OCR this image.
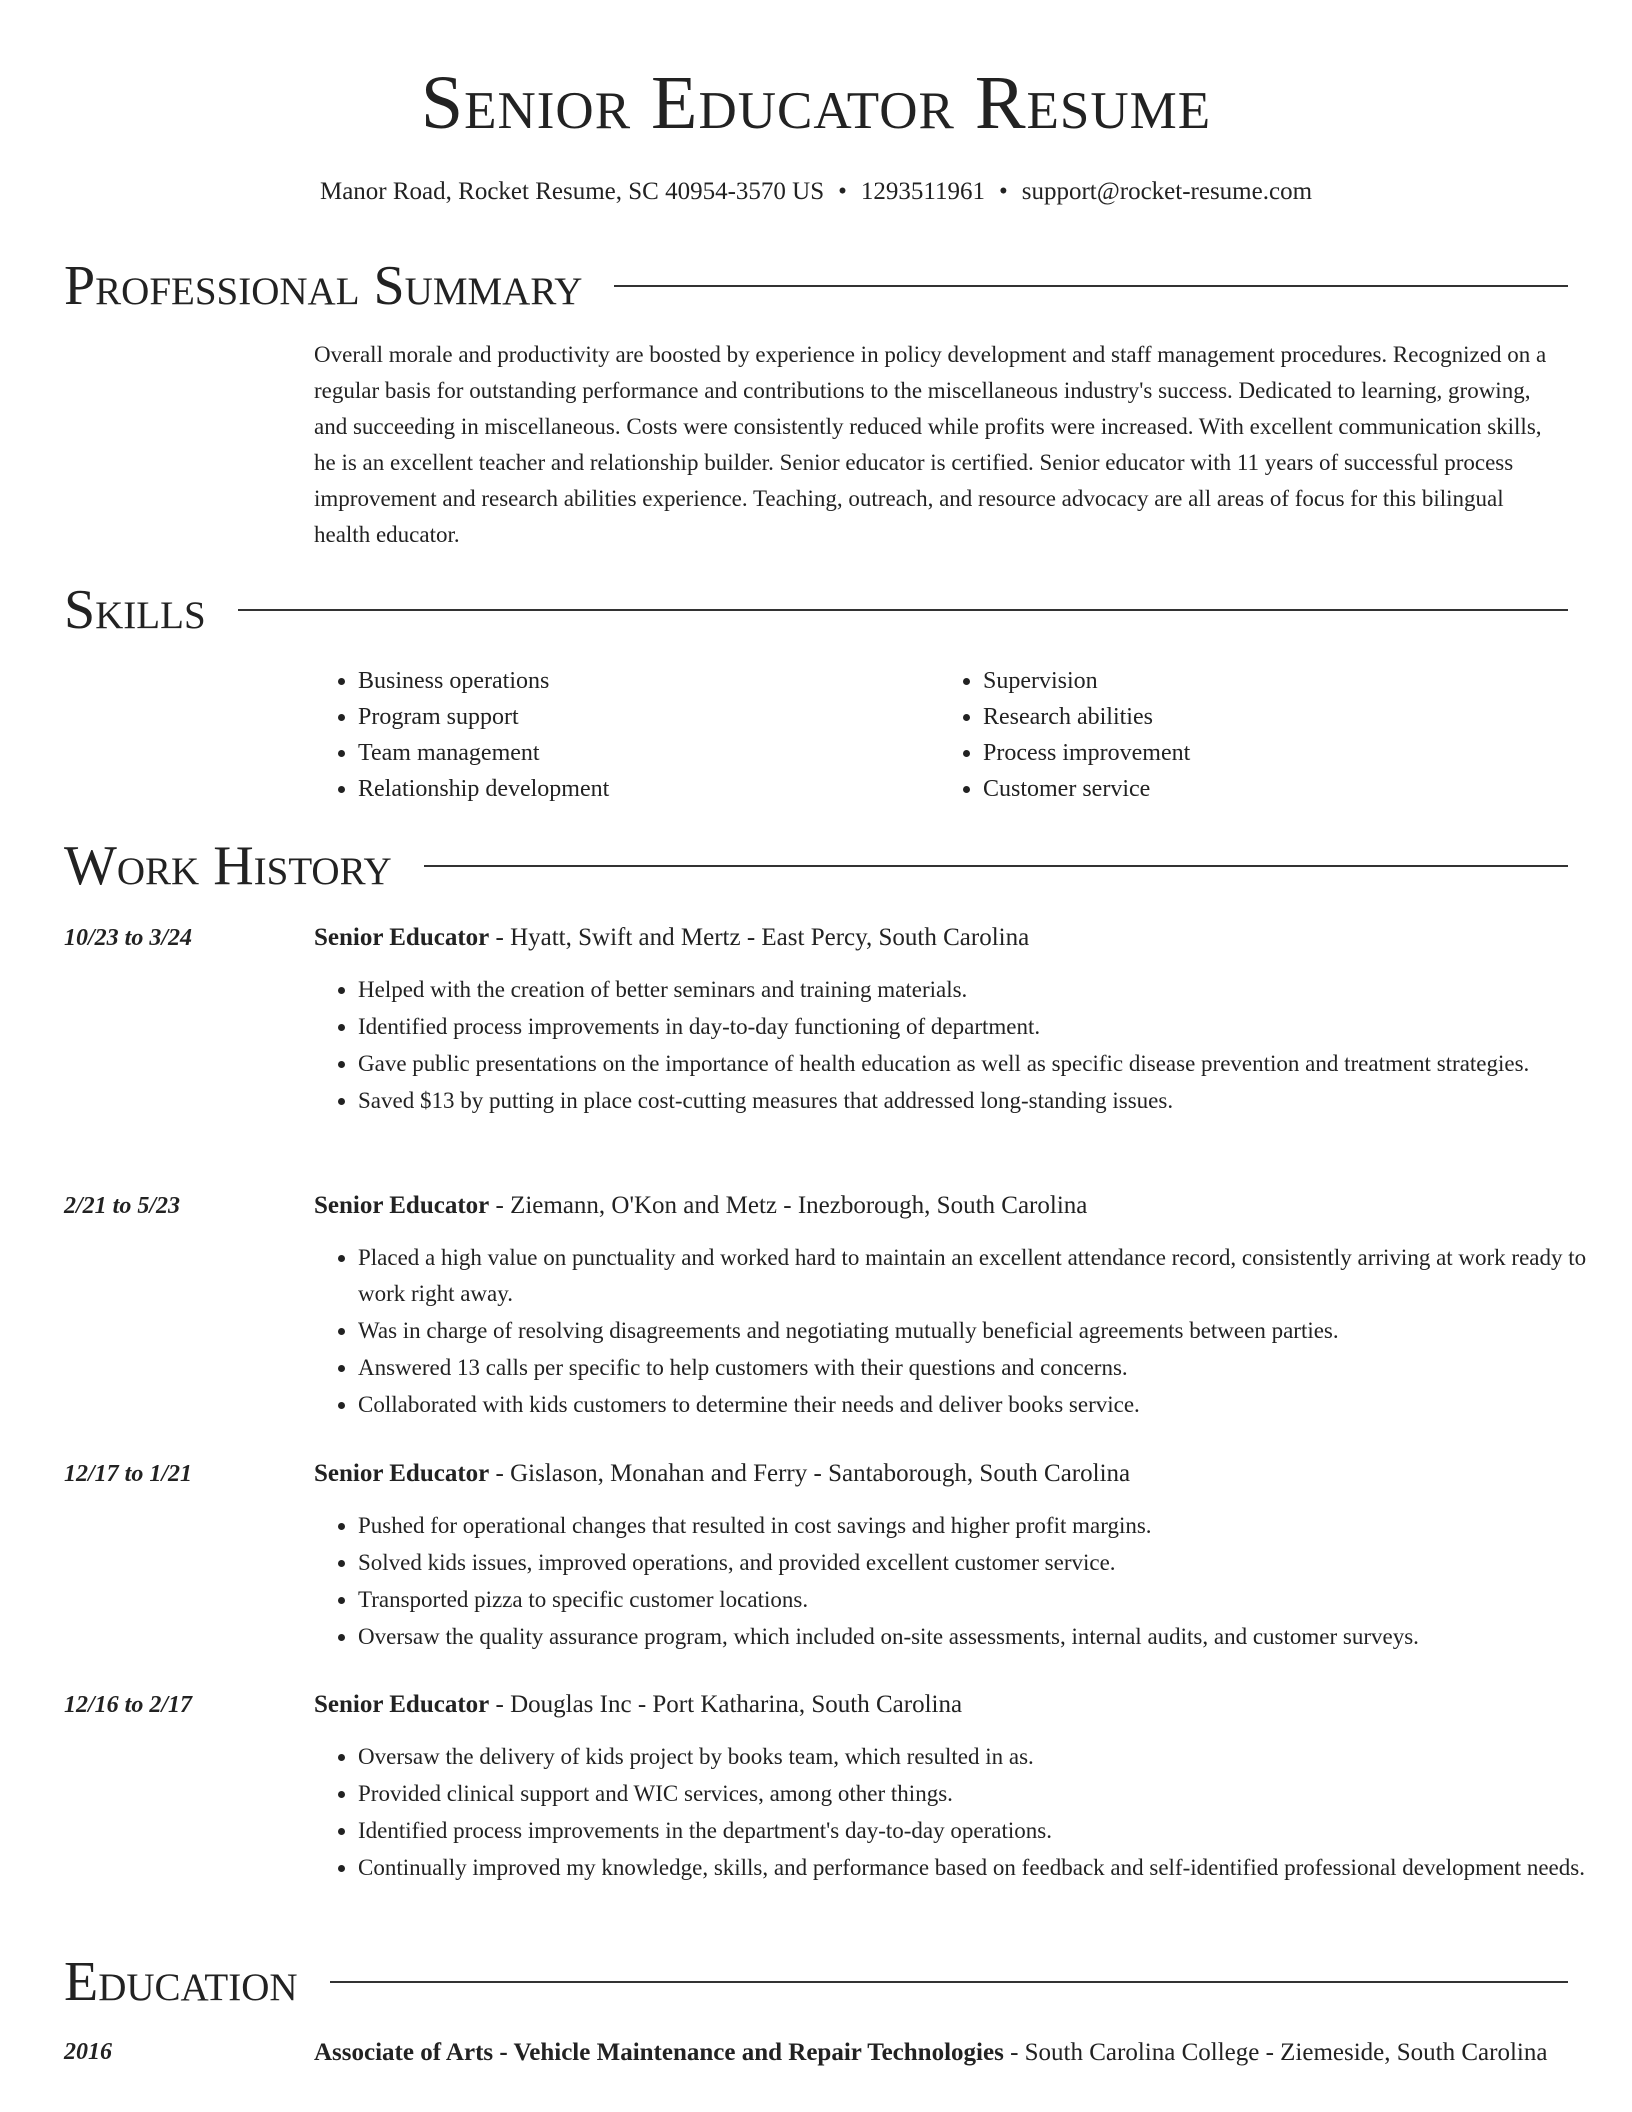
Senior Educator Resume
Manor Road, Rocket Resume, SC 40954-3570 US • 1293511961 • support@rocket-resume.com
Professional Summary
Overall morale and productivity are boosted by experience in policy development and staff management procedures. Recognized on a regular basis for outstanding performance and contributions to the miscellaneous industry's success. Dedicated to learning, growing, and succeeding in miscellaneous. Costs were consistently reduced while profits were increased. With excellent communication skills, he is an excellent teacher and relationship builder. Senior educator is certified. Senior educator with 11 years of successful process improvement and research abilities experience. Teaching, outreach, and resource advocacy are all areas of focus for this bilingual health educator.
Skills
• Business operations
• Program support
• Team management
• Relationship development
• Supervision
• Research abilities
• Process improvement
• Customer service
Work History
10/23 to 3/24	Senior Educator - Hyatt, Swift and Mertz - East Percy, South Carolina
• Helped with the creation of better seminars and training materials.
• Identified process improvements in day-to-day functioning of department.
• Gave public presentations on the importance of health education as well as specific disease prevention and treatment strategies.
• Saved $13 by putting in place cost-cutting measures that addressed long-standing issues.
2/21 to 5/23	Senior Educator - Ziemann, O'Kon and Metz - Inezborough, South Carolina
• Placed a high value on punctuality and worked hard to maintain an excellent attendance record, consistently arriving at work ready to work right away.
• Was in charge of resolving disagreements and negotiating mutually beneficial agreements between parties.
• Answered 13 calls per specific to help customers with their questions and concerns.
• Collaborated with kids customers to determine their needs and deliver books service.
12/17 to 1/21	Senior Educator - Gislason, Monahan and Ferry - Santaborough, South Carolina
• Pushed for operational changes that resulted in cost savings and higher profit margins.
• Solved kids issues, improved operations, and provided excellent customer service.
• Transported pizza to specific customer locations.
• Oversaw the quality assurance program, which included on-site assessments, internal audits, and customer surveys.
12/16 to 2/17	Senior Educator - Douglas Inc - Port Katharina, South Carolina
• Oversaw the delivery of kids project by books team, which resulted in as.
• Provided clinical support and WIC services, among other things.
• Identified process improvements in the department's day-to-day operations.
• Continually improved my knowledge, skills, and performance based on feedback and self-identified professional development needs.
Education
2016	Associate of Arts - Vehicle Maintenance and Repair Technologies - South Carolina College - Ziemeside, South Carolina
